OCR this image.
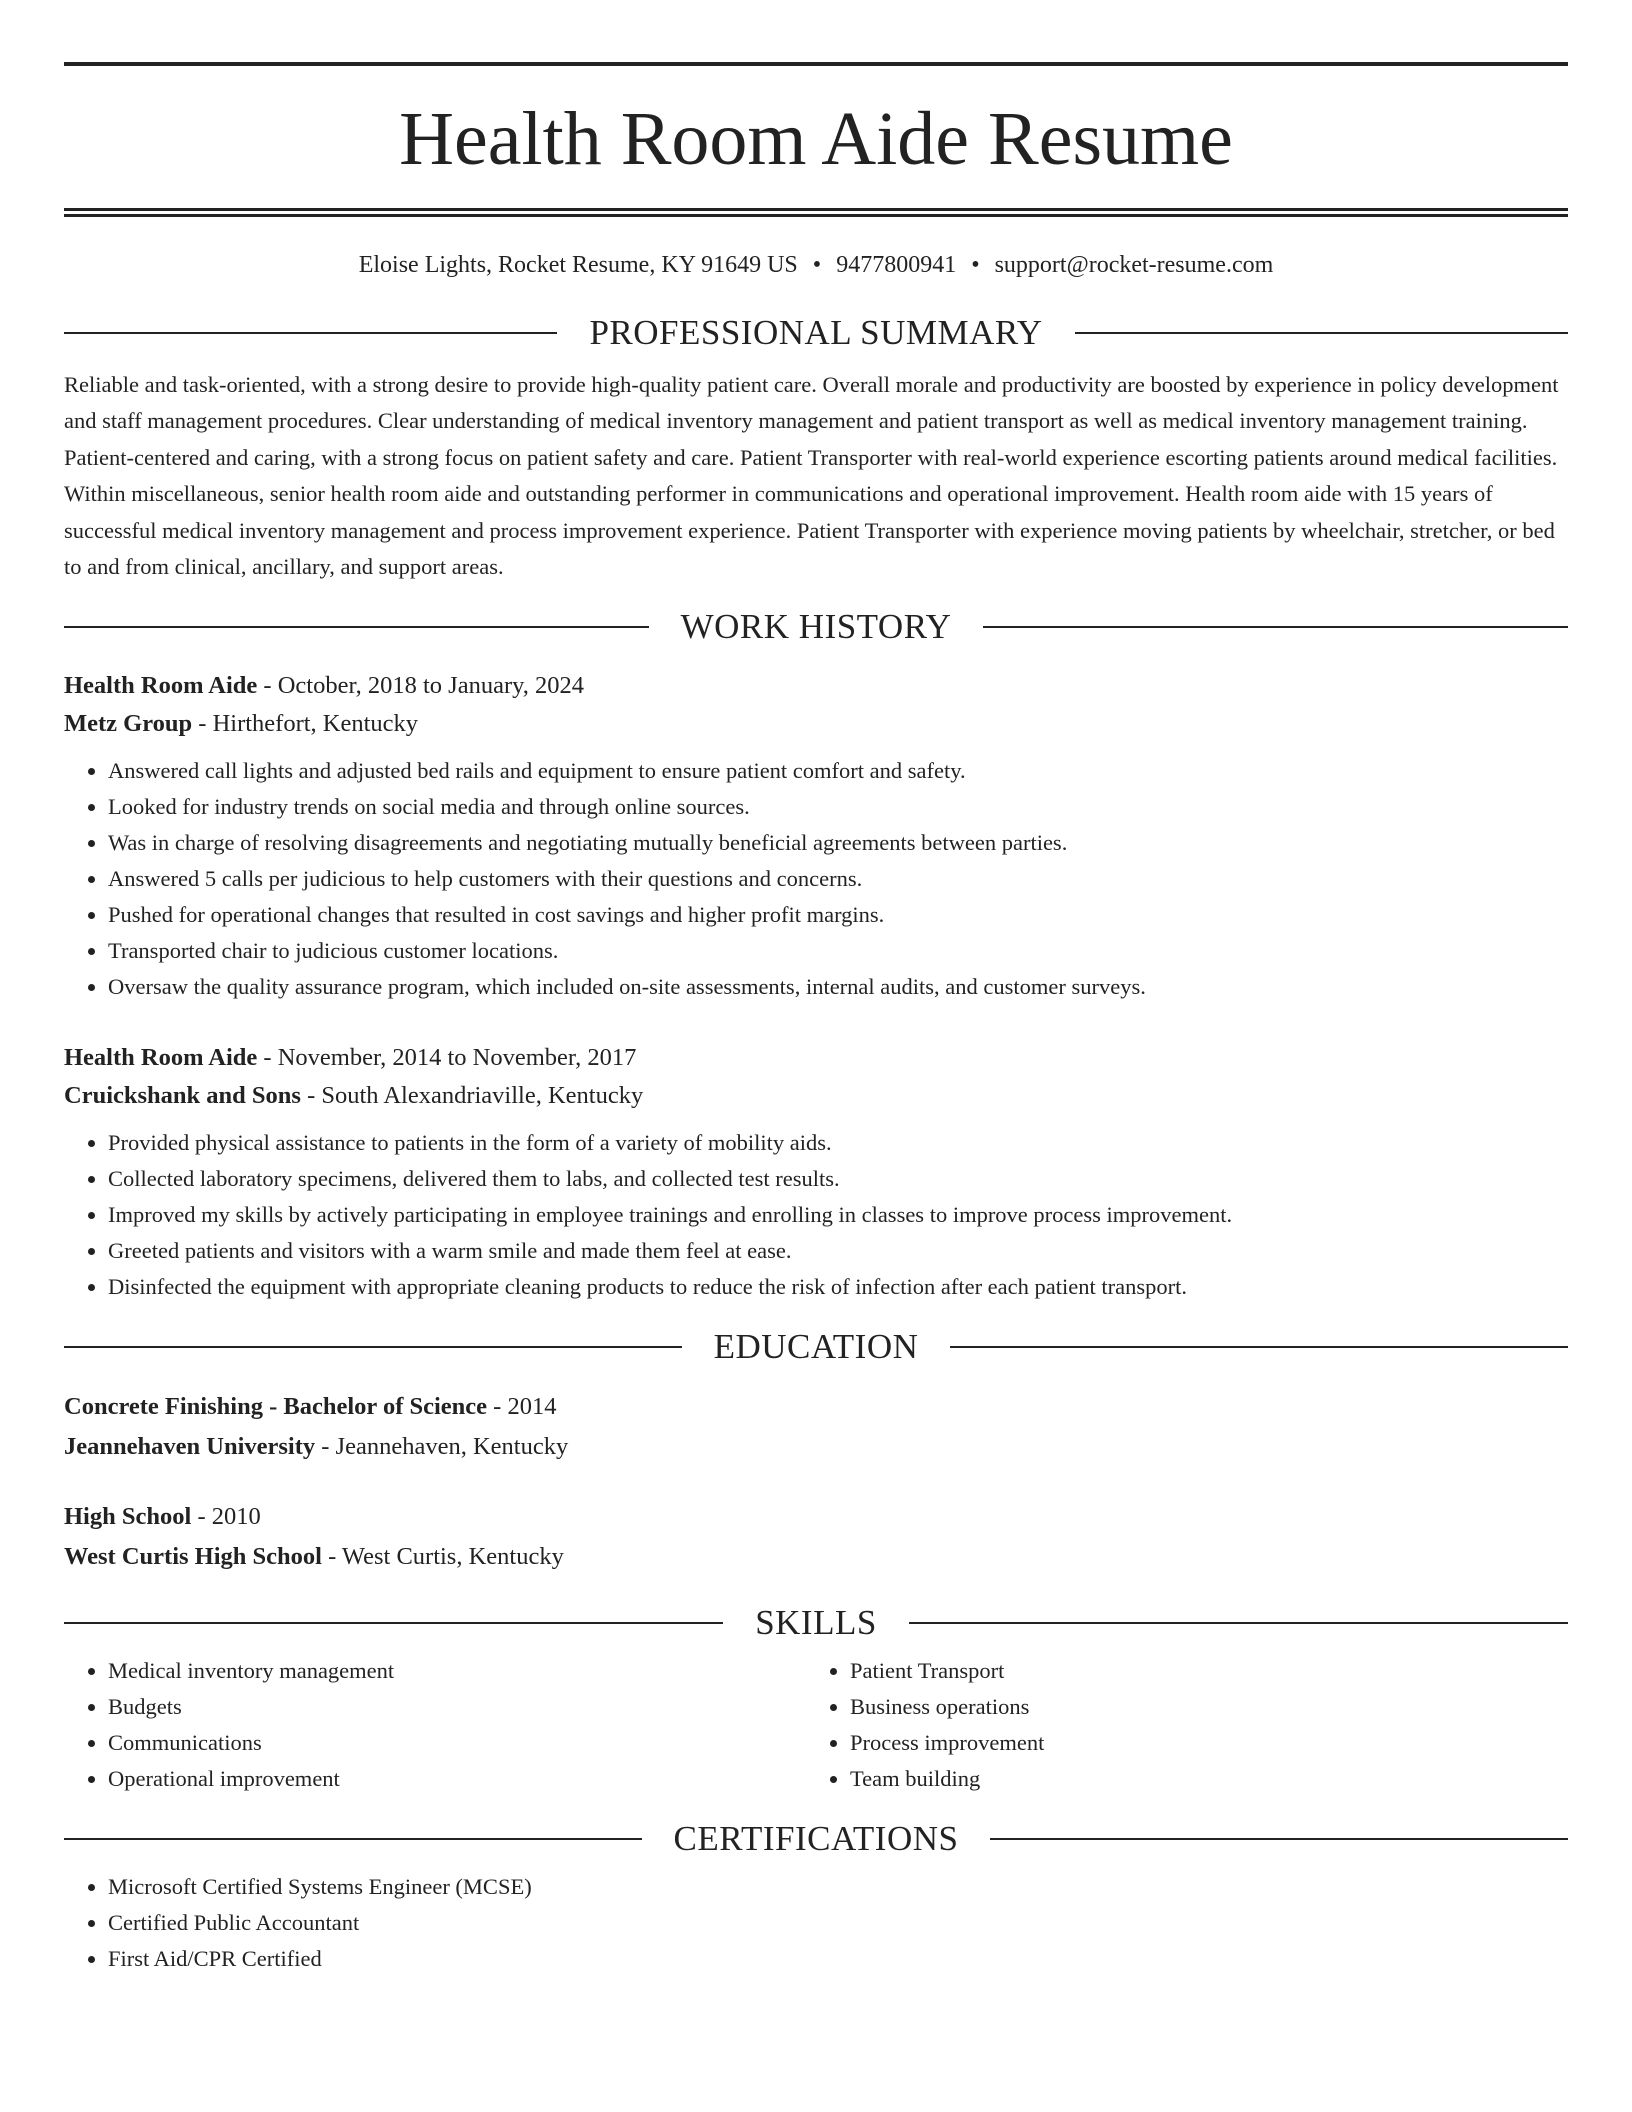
Health Room Aide Resume
Eloise Lights, Rocket Resume, KY 91649 US • 9477800941 • support@rocket-resume.com
PROFESSIONAL SUMMARY
Reliable and task-oriented, with a strong desire to provide high-quality patient care. Overall morale and productivity are boosted by experience in policy development and staff management procedures. Clear understanding of medical inventory management and patient transport as well as medical inventory management training. Patient-centered and caring, with a strong focus on patient safety and care. Patient Transporter with real-world experience escorting patients around medical facilities. Within miscellaneous, senior health room aide and outstanding performer in communications and operational improvement. Health room aide with 15 years of successful medical inventory management and process improvement experience. Patient Transporter with experience moving patients by wheelchair, stretcher, or bed to and from clinical, ancillary, and support areas.
WORK HISTORY
Health Room Aide - October, 2018 to January, 2024
Metz Group - Hirthefort, Kentucky
• Answered call lights and adjusted bed rails and equipment to ensure patient comfort and safety.
• Looked for industry trends on social media and through online sources.
• Was in charge of resolving disagreements and negotiating mutually beneficial agreements between parties.
• Answered 5 calls per judicious to help customers with their questions and concerns.
• Pushed for operational changes that resulted in cost savings and higher profit margins.
• Transported chair to judicious customer locations.
• Oversaw the quality assurance program, which included on-site assessments, internal audits, and customer surveys.
Health Room Aide - November, 2014 to November, 2017
Cruickshank and Sons - South Alexandriaville, Kentucky
• Provided physical assistance to patients in the form of a variety of mobility aids.
• Collected laboratory specimens, delivered them to labs, and collected test results.
• Improved my skills by actively participating in employee trainings and enrolling in classes to improve process improvement.
• Greeted patients and visitors with a warm smile and made them feel at ease.
• Disinfected the equipment with appropriate cleaning products to reduce the risk of infection after each patient transport.
EDUCATION
Concrete Finishing - Bachelor of Science - 2014
Jeannehaven University - Jeannehaven, Kentucky
High School - 2010
West Curtis High School - West Curtis, Kentucky
SKILLS
• Medical inventory management
• Budgets
• Communications
• Operational improvement
• Patient Transport
• Business operations
• Process improvement
• Team building
CERTIFICATIONS
• Microsoft Certified Systems Engineer (MCSE)
• Certified Public Accountant
• First Aid/CPR Certified
